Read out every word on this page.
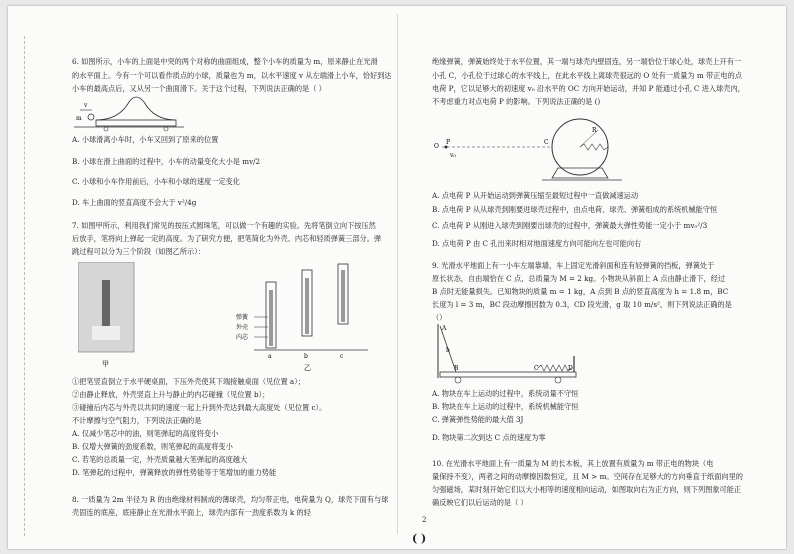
6. 如图所示，小车的上面是中突的两个对称的曲面组成，整个小车的质量为 m，原来静止在光滑
的水平面上。今有一个可以看作质点的小球，质量也为 m，以水平速度 v 从左端滑上小车，恰好到达
小车的最高点后，又从另一个曲面滑下。关于这个过程，下列说法正确的是（ ）
v
m
A. 小球滑离小车时，小车又回到了原来的位置
B. 小球在滑上曲面的过程中，小车的动量变化大小是 mv/2
C. 小球和小车作用前后，小车和小球的速度一定变化
D. 车上曲面的竖直高度不会大于 v²/4g
7. 如图甲所示，利用我们常见的按压式圆珠笔，可以做一个有趣的实验。先将笔倒立向下按压然
后放手，笔将向上弹起一定的高度。为了研究方便，把笔简化为外壳、内芯和轻质弹簧三部分。弹
跳过程可以分为三个阶段（如图乙所示）：
甲
弹簧
外壳
内芯
a	b	c
乙
①把笔竖直倒立于水平硬桌面，下压外壳使其下端接触桌面（见位置 a）；
②由静止释放，外壳竖直上升与静止的内芯碰撞（见位置 b）；
③碰撞后内芯与外壳以共同的速度一起上升到外壳达到最大高度处（见位置 c）。
不计摩擦与空气阻力，下列说法正确的是
A. 仅减少笔芯中的油，则笔弹起的高度将变小
B. 仅增大弹簧的劲度系数，则笔弹起的高度将变小
C. 若笔的总质量一定，外壳质量越大笔弹起的高度越大
D. 笔弹起的过程中，弹簧释放的弹性势能等于笔增加的重力势能
8. 一质量为 2m 半径为 R 的由绝缘材料制成的薄球壳，均匀带正电，电荷量为 Q，球壳下面有与球
壳固连的底座，底座静止在光滑水平面上，球壳内部有一劲度系数为 k 的轻
绝缘弹簧，弹簧始终处于水平位置，其一端与球壳内壁固连，另一端恰位于球心处，球壳上开有一
小孔 C，小孔位于过球心的水平线上，在此水平线上离球壳很远的 O 处有一质量为 m 带正电的点
电荷 P，它以足够大的初速度 v₀ 沿水平的 OC 方向开始运动，并知 P 能通过小孔 C 进入球壳内，
不考虑重力对点电荷 P 的影响。下列说法正确的是 ()
O
P
v₀
C
R
A. 点电荷 P 从开始运动到弹簧压缩至最短过程中一直做减速运动
B. 点电荷 P 从从球壳到刚要进球壳过程中，由点电荷、球壳、弹簧组成的系统机械能守恒
C. 点电荷 P 从刚进入球壳到刚要出球壳的过程中，弹簧最大弹性势能一定小于 mv₀²/3
D. 点电荷 P 由 C 孔出来时相对地面速度方向可能向左也可能向右
9. 光滑水平地面上有一小车左端靠墙，车上固定光滑斜面和连有轻弹簧的挡板，弹簧处于
原长状态，自由端恰在 C 点，总质量为 M = 2 kg。小物块从斜面上 A 点由静止滑下，经过
B 点时无能量损失。已知物块的质量 m = 1 kg，A 点到 B 点的竖直高度为 h = 1.8 m，BC
长度为 l = 3 m，BC 段动摩擦因数为 0.3，CD 段光滑，g 取 10 m/s²，则下列说法正确的是
（）
A
B	C	D
h
A. 物块在车上运动的过程中，系统动量不守恒
B. 物块在车上运动的过程中，系统机械能守恒
C. 弹簧弹性势能的最大值 3J
D. 物块第二次到达 C 点的速度为零
10. 在光滑水平地面上有一质量为 M 的长木板，其上放置有质量为 m 带正电的物块（电
量保持不变），两者之间的动摩擦因数恒定，且 M > m。空间存在足够大的方向垂直于纸面向里的
匀强磁场，某时刻开始它们以大小相等的速度相向运动，如图取向右为正方向，则下列图象可能正
确反映它们以后运动的是（ ）
2
( )
